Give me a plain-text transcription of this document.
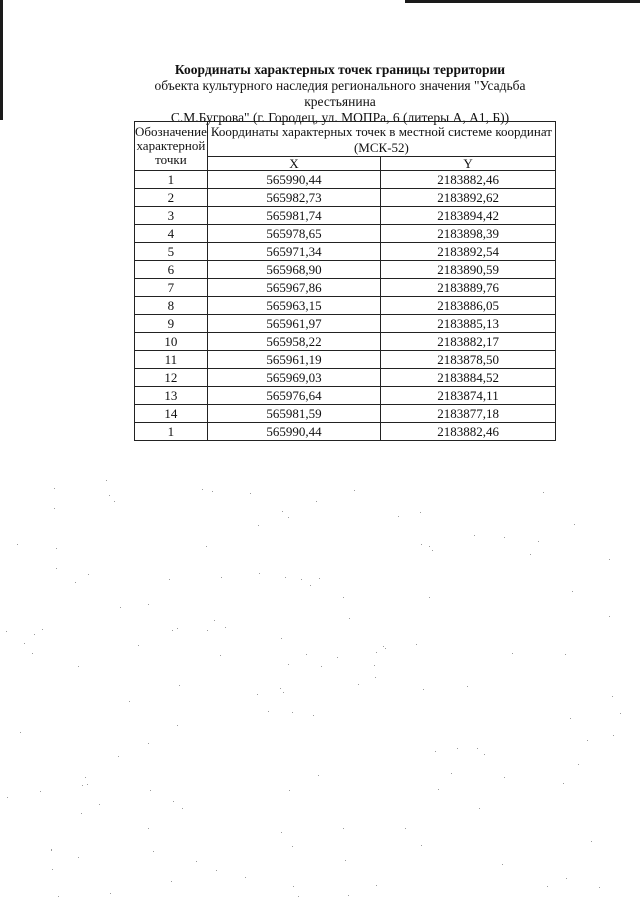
Координаты характерных точек границы территории
объекта культурного наследия регионального значения "Усадьба крестьянина
С.М.Бугрова" (г. Городец, ул. МОПРа, 6 (литеры А, А1, Б))
Обозначение характерной точки	Координаты характерных точек в местной системе координат (МСК-52)	
	X	Y
1	565990,44	2183882,46
2	565982,73	2183892,62
3	565981,74	2183894,42
4	565978,65	2183898,39
5	565971,34	2183892,54
6	565968,90	2183890,59
7	565967,86	2183889,76
8	565963,15	2183886,05
9	565961,97	2183885,13
10	565958,22	2183882,17
11	565961,19	2183878,50
12	565969,03	2183884,52
13	565976,64	2183874,11
14	565981,59	2183877,18
1	565990,44	2183882,46
